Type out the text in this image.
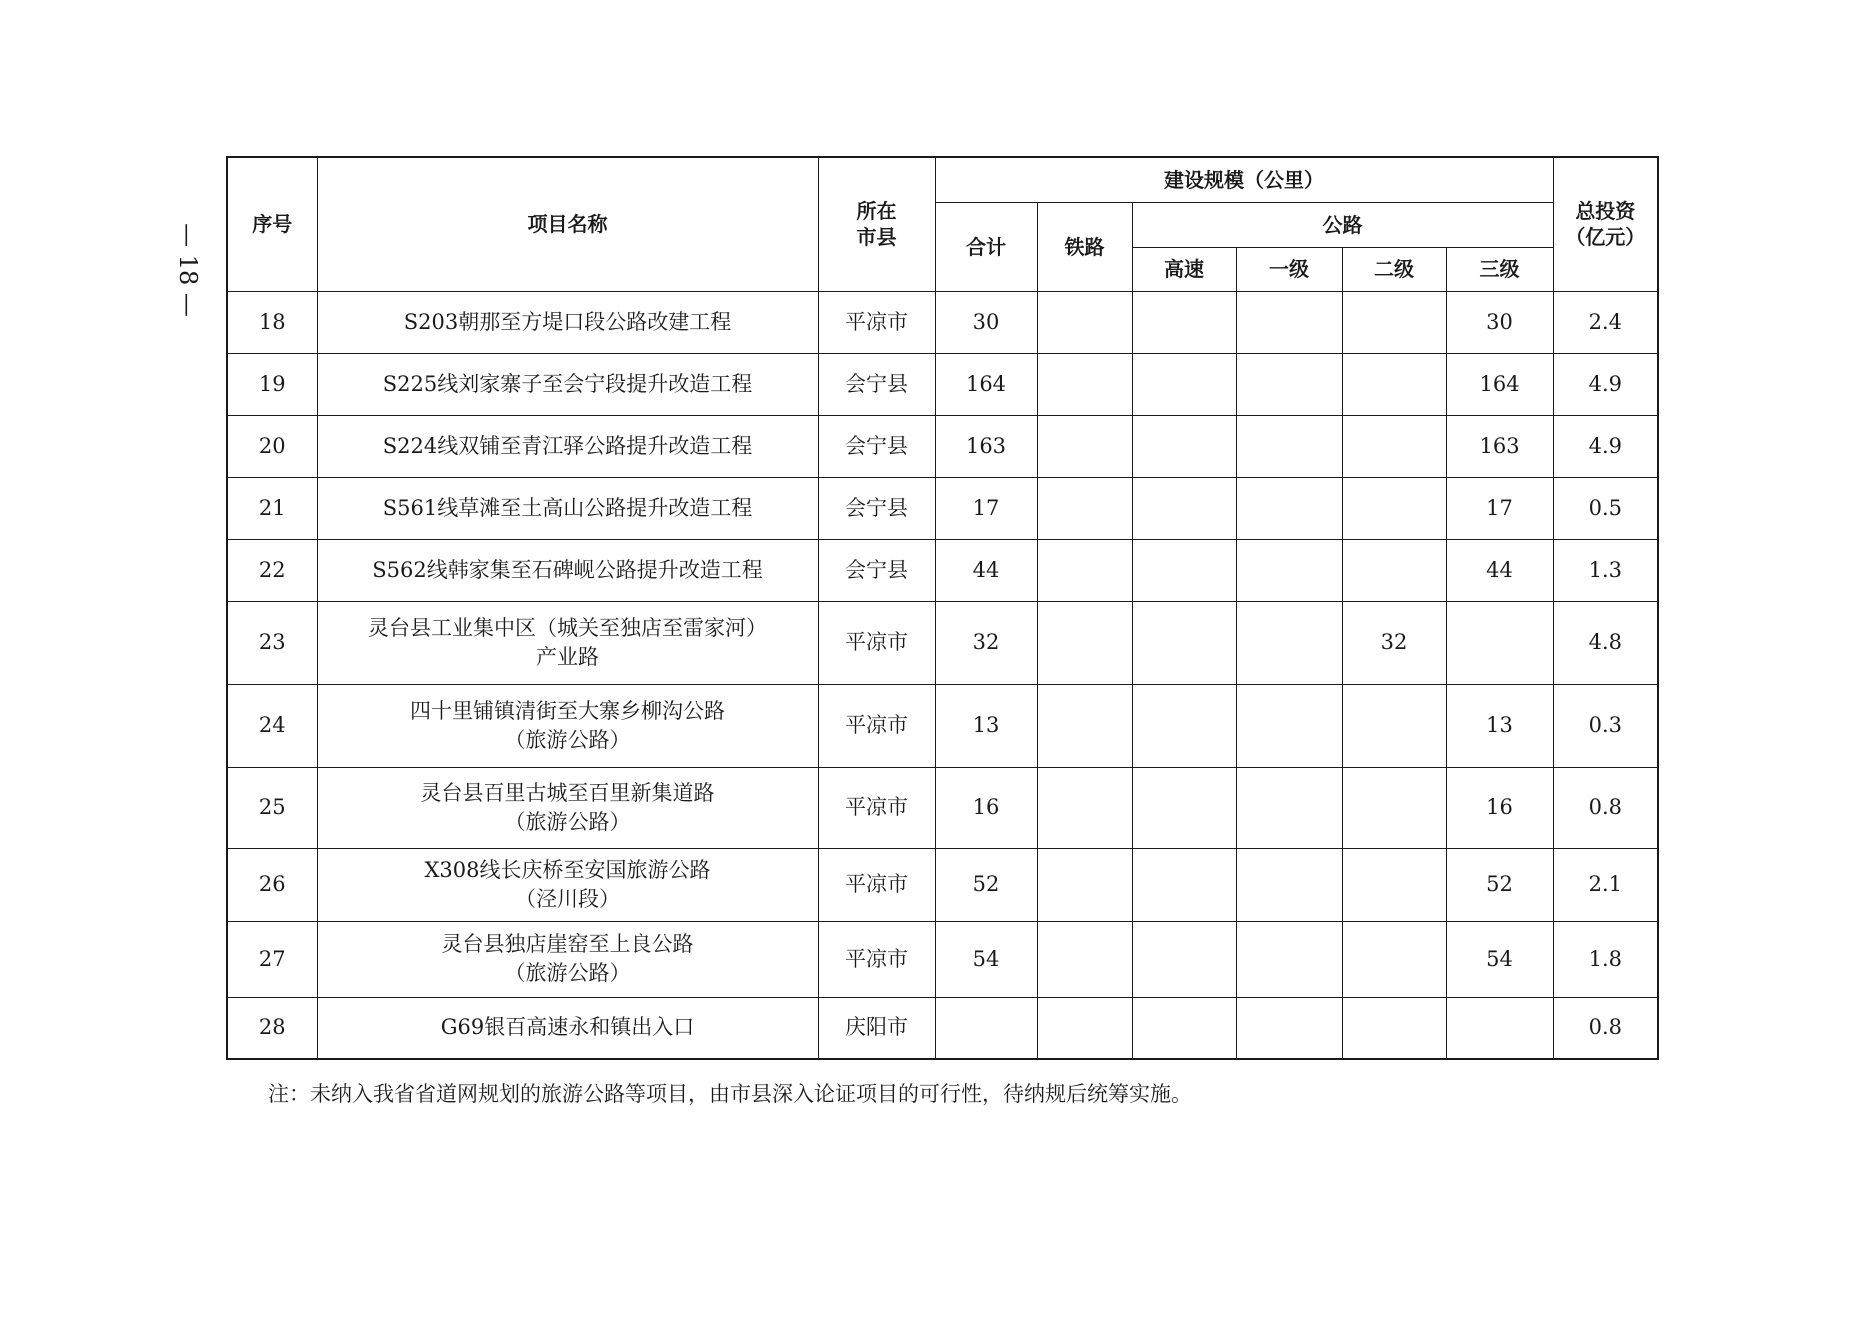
— 18 —	序号	项目名称	所在
市县	建设规模（公里）						总投资
（亿元）
			合计	铁路	公路				
					高速	一级	二级	三级	
18	S203朝那至方堤口段公路改建工程	平凉市	30					30	2.4
19	S225线刘家寨子至会宁段提升改造工程	会宁县	164					164	4.9
20	S224线双铺至青江驿公路提升改造工程	会宁县	163					163	4.9
21	S561线草滩至土高山公路提升改造工程	会宁县	17					17	0.5
22	S562线韩家集至石碑岘公路提升改造工程	会宁县	44					44	1.3
23	灵台县工业集中区（城关至独店至雷家河）
产业路	平凉市	32				32		4.8
24	四十里铺镇清街至大寨乡柳沟公路
（旅游公路）	平凉市	13					13	0.3
25	灵台县百里古城至百里新集道路
（旅游公路）	平凉市	16					16	0.8
26	X308线长庆桥至安国旅游公路
（泾川段）	平凉市	52					52	2.1
27	灵台县独店崖窑至上良公路
（旅游公路）	平凉市	54					54	1.8
28	G69银百高速永和镇出入口	庆阳市							0.8
注：未纳入我省省道网规划的旅游公路等项目，由市县深入论证项目的可行性，待纳规后统筹实施。
